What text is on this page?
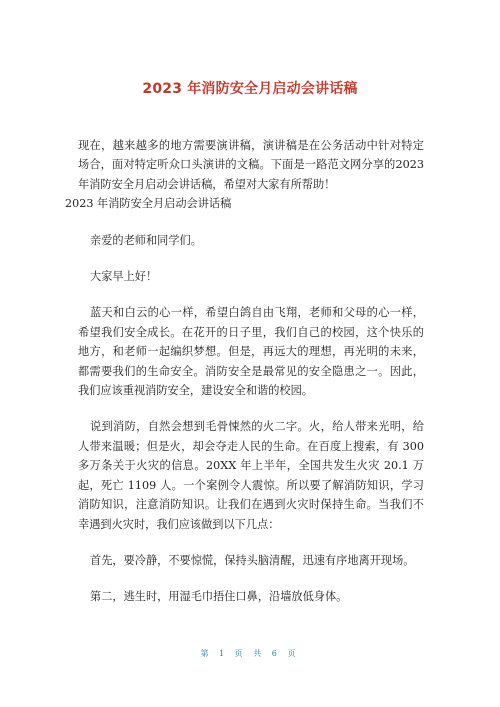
2023 年消防安全月启动会讲话稿

现在，越来越多的地方需要演讲稿，演讲稿是在公务活动中针对特定场合，面对特定听众口头演讲的文稿。下面是一路范文网分享的2023 年消防安全月启动会讲话稿，希望对大家有所帮助！

2023 年消防安全月启动会讲话稿

亲爱的老师和同学们。

大家早上好！

蓝天和白云的心一样，希望白鸽自由飞翔，老师和父母的心一样，希望我们安全成长。在花开的日子里，我们自己的校园，这个快乐的地方，和老师一起编织梦想。但是，再远大的理想，再光明的未来，都需要我们的生命安全。消防安全是最常见的安全隐患之一。因此，我们应该重视消防安全，建设安全和谐的校园。

说到消防，自然会想到毛骨悚然的火二字。火，给人带来光明，给人带来温暖；但是火，却会夺走人民的生命。在百度上搜索，有 300 多万条关于火灾的信息。20XX 年上半年，全国共发生火灾 20.1 万起，死亡 1109 人。一个案例令人震惊。所以要了解消防知识，学习消防知识，注意消防知识。让我们在遇到火灾时保持生命。当我们不幸遇到火灾时，我们应该做到以下几点：

首先，要冷静，不要惊慌，保持头脑清醒，迅速有序地离开现场。

第二，逃生时，用湿毛巾捂住口鼻，沿墙放低身体。

第 1 页 共 6 页
